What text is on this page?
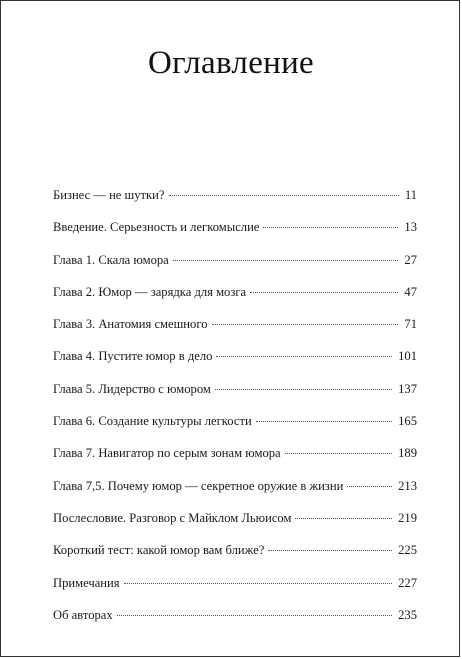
Оглавление
Бизнес — не шутки?	11
Введение. Серьезность и легкомыслие	13
Глава 1. Скала юмора	27
Глава 2. Юмор — зарядка для мозга	47
Глава 3. Анатомия смешного	71
Глава 4. Пустите юмор в дело	101
Глава 5. Лидерство с юмором	137
Глава 6. Создание культуры легкости	165
Глава 7. Навигатор по серым зонам юмора	189
Глава 7,5. Почему юмор — секретное оружие в жизни	213
Послесловие. Разговор с Майклом Льюисом	219
Короткий тест: какой юмор вам ближе?	225
Примечания	227
Об авторах	235
